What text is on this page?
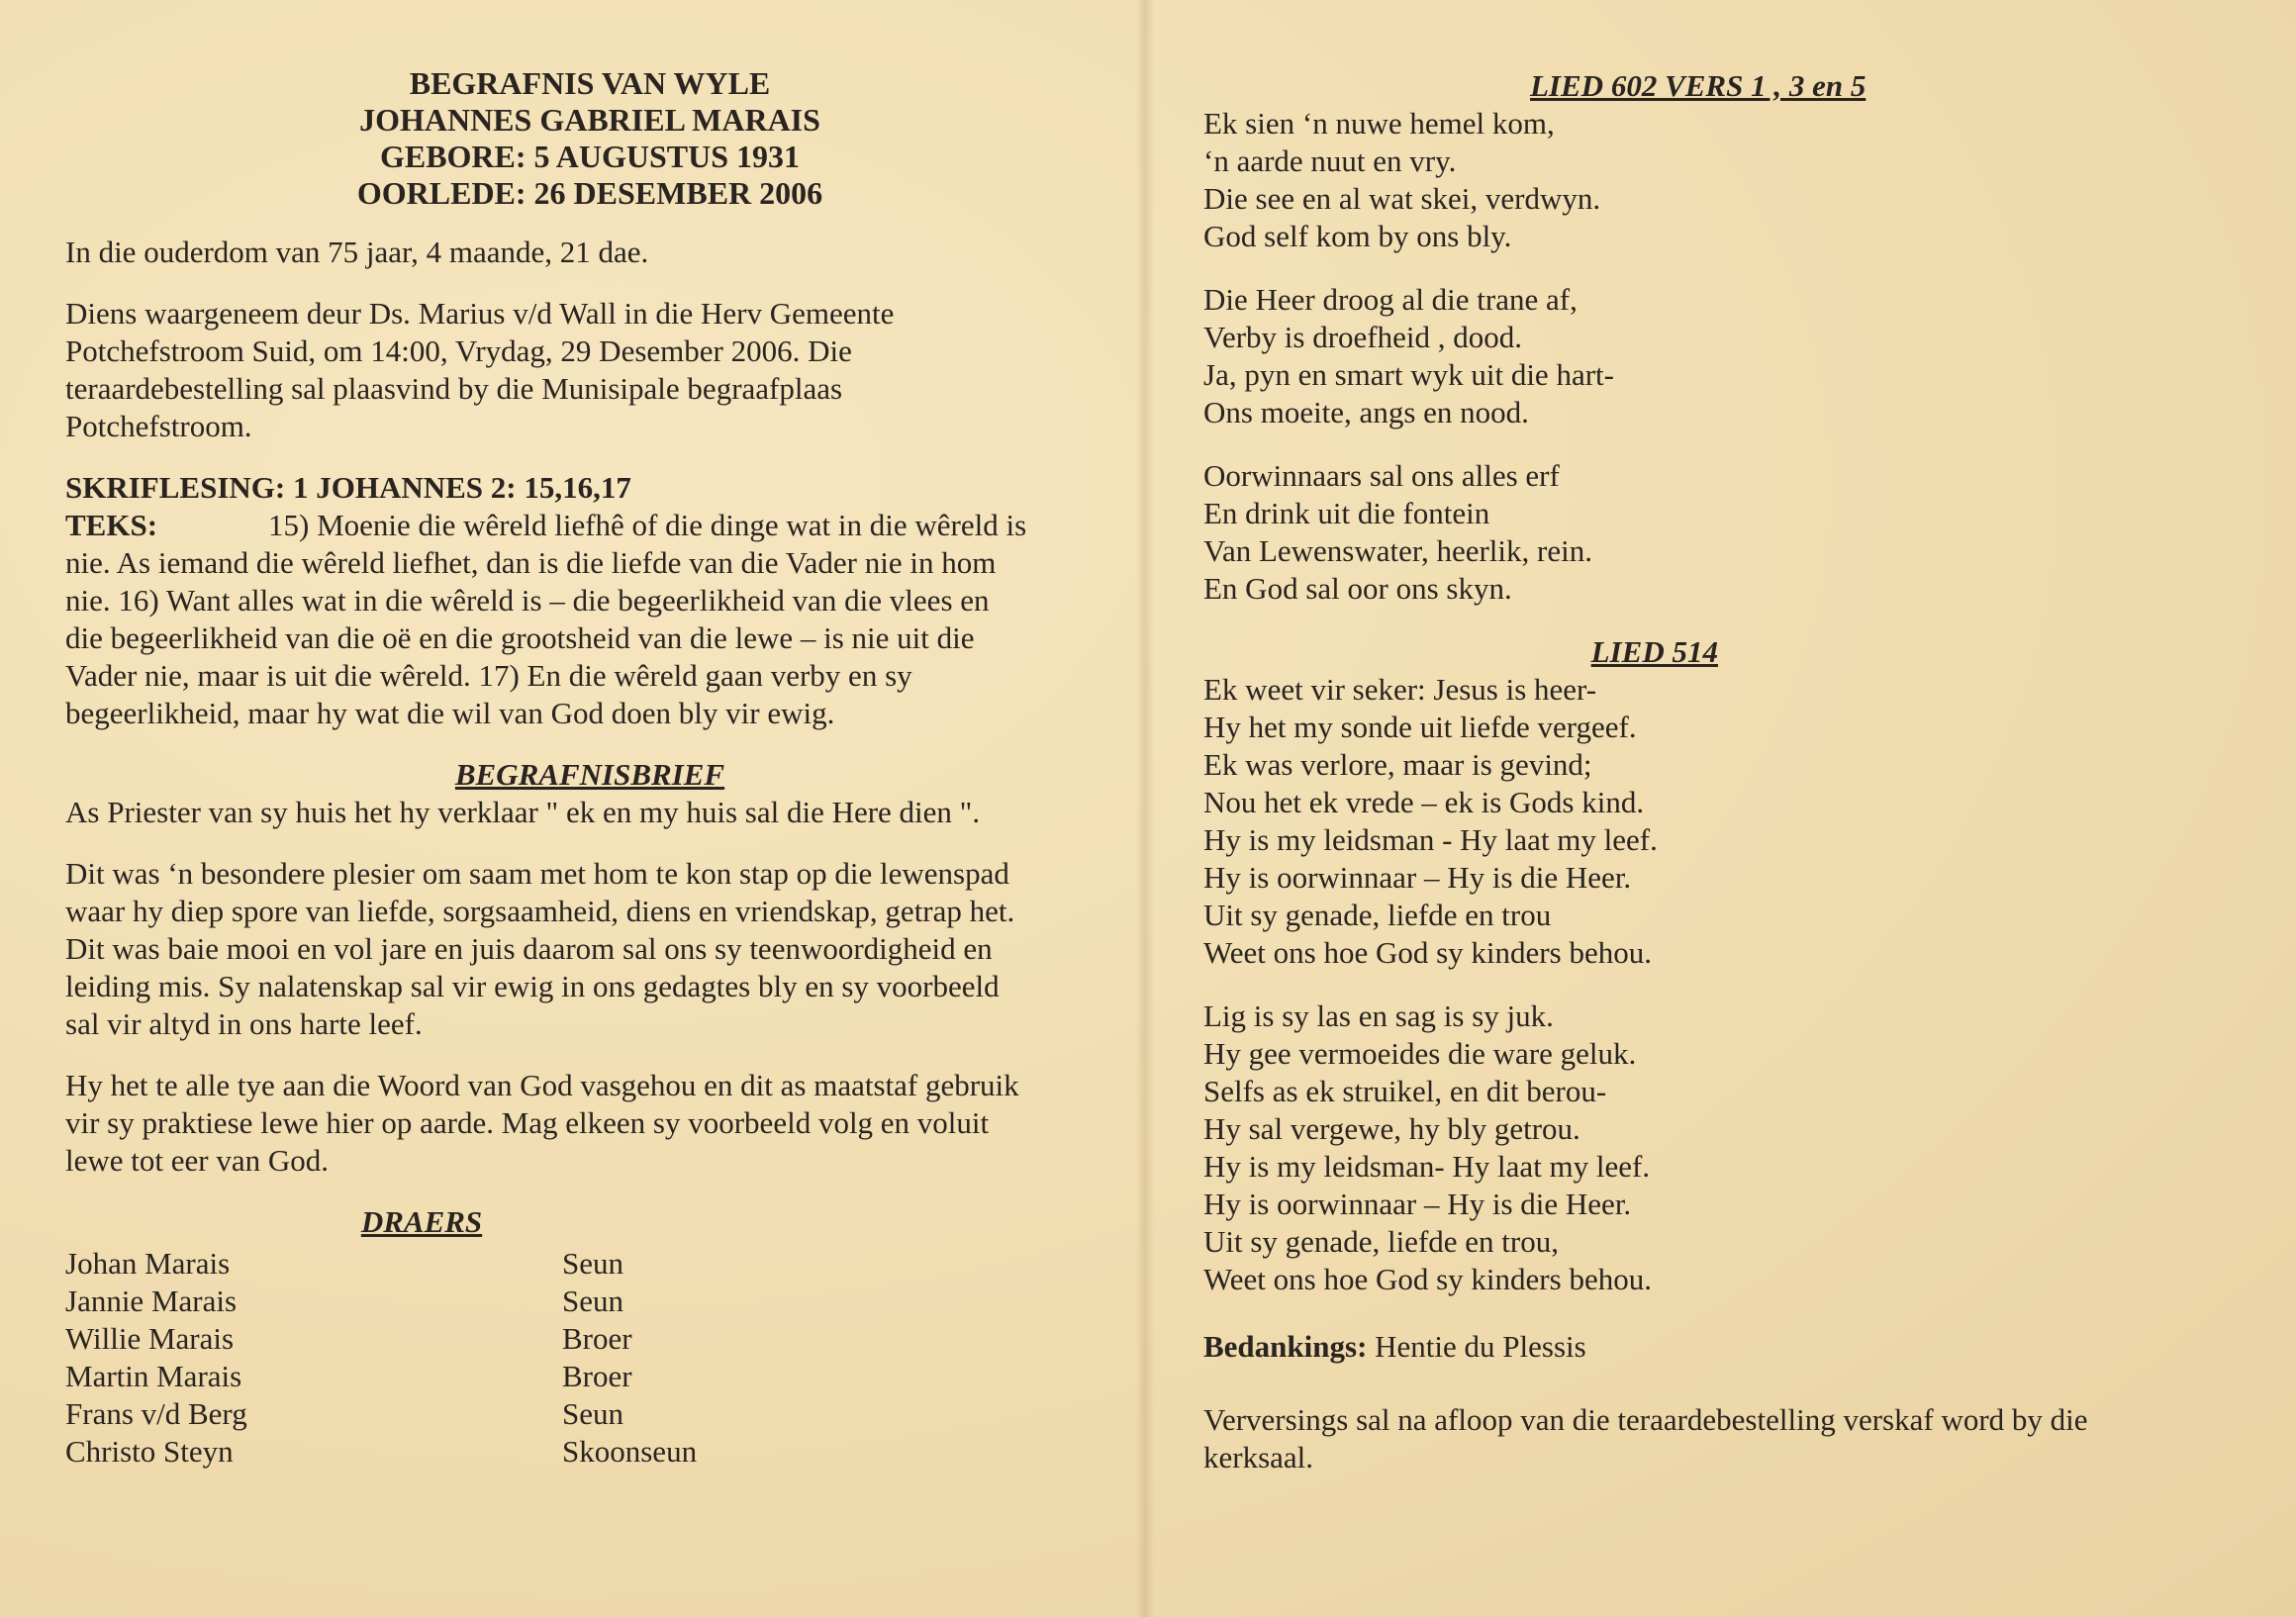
BEGRAFNIS VAN WYLE
JOHANNES GABRIEL MARAIS
GEBORE: 5 AUGUSTUS 1931
OORLEDE: 26 DESEMBER 2006

In die ouderdom van 75 jaar, 4 maande, 21 dae.

Diens waargeneem deur Ds. Marius v/d Wall in die Herv Gemeente
Potchefstroom Suid, om 14:00, Vrydag, 29 Desember 2006. Die
teraardebestelling sal plaasvind by die Munisipale begraafplaas
Potchefstroom.

SKRIFLESING: 1 JOHANNES 2: 15,16,17
TEKS:	15) Moenie die wêreld liefhê of die dinge wat in die wêreld is
nie. As iemand die wêreld liefhet, dan is die liefde van die Vader nie in hom
nie. 16) Want alles wat in die wêreld is – die begeerlikheid van die vlees en
die begeerlikheid van die oë en die grootsheid van die lewe – is nie uit die
Vader nie, maar is uit die wêreld. 17) En die wêreld gaan verby en sy
begeerlikheid, maar hy wat die wil van God doen bly vir ewig.
BEGRAFNISBRIEF

As Priester van sy huis het hy verklaar " ek en my huis sal die Here dien ".

Dit was ‘n besondere plesier om saam met hom te kon stap op die lewenspad
waar hy diep spore van liefde, sorgsaamheid, diens en vriendskap, getrap het.
Dit was baie mooi en vol jare en juis daarom sal ons sy teenwoordigheid en
leiding mis. Sy nalatenskap sal vir ewig in ons gedagtes bly en sy voorbeeld
sal vir altyd in ons harte leef.

Hy het te alle tye aan die Woord van God vasgehou en dit as maatstaf gebruik
vir sy praktiese lewe hier op aarde. Mag elkeen sy voorbeeld volg en voluit
lewe tot eer van God.

DRAERS
Johan Marais	Seun
Jannie Marais	Seun
Willie Marais	Broer
Martin Marais	Broer
Frans v/d Berg	Seun
Christo Steyn	Skoonseun
LIED 602 VERS 1 , 3 en 5
Ek sien ‘n nuwe hemel kom,
‘n aarde nuut en vry.
Die see en al wat skei, verdwyn.
God self kom by ons bly.
Die Heer droog al die trane af,
Verby is droefheid , dood.
Ja, pyn en smart wyk uit die hart-
Ons moeite, angs en nood.
Oorwinnaars sal ons alles erf
En drink uit die fontein
Van Lewenswater, heerlik, rein.
En God sal oor ons skyn.
LIED 514
Ek weet vir seker: Jesus is heer-
Hy het my sonde uit liefde vergeef.
Ek was verlore, maar is gevind;
Nou het ek vrede – ek is Gods kind.
Hy is my leidsman - Hy laat my leef.
Hy is oorwinnaar – Hy is die Heer.
Uit sy genade, liefde en trou
Weet ons hoe God sy kinders behou.
Lig is sy las en sag is sy juk.
Hy gee vermoeides die ware geluk.
Selfs as ek struikel, en dit berou-
Hy sal vergewe, hy bly getrou.
Hy is my leidsman- Hy laat my leef.
Hy is oorwinnaar – Hy is die Heer.
Uit sy genade, liefde en trou,
Weet ons hoe God sy kinders behou.
Bedankings: Hentie du Plessis
Verversings sal na afloop van die teraardebestelling verskaf word by die
kerksaal.
